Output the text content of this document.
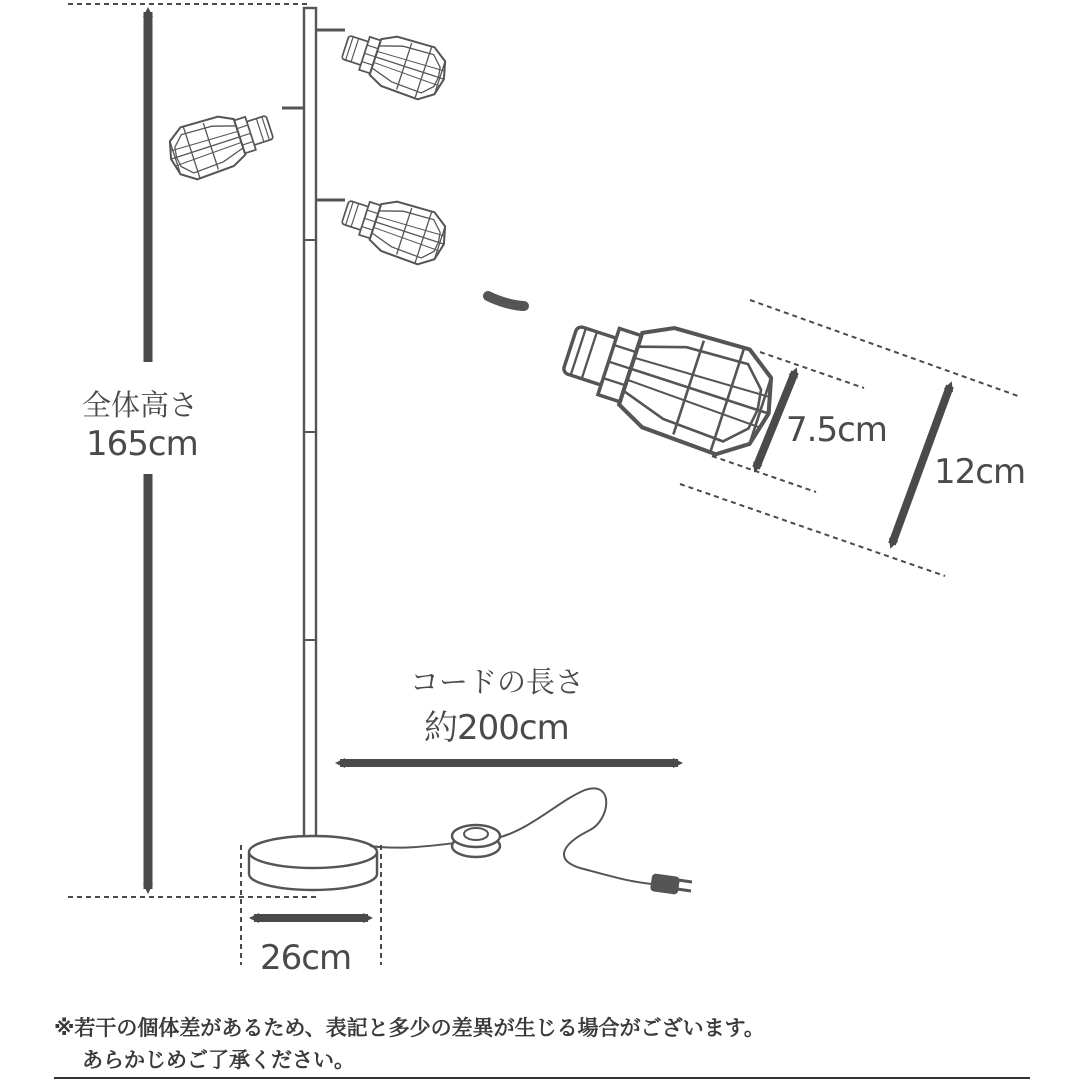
全体高さ
165cm
コードの長さ
約200cm
26cm
7.5cm
12cm
※若干の個体差があるため、表記と多少の差異が生じる場合がございます。
あらかじめご了承ください。
